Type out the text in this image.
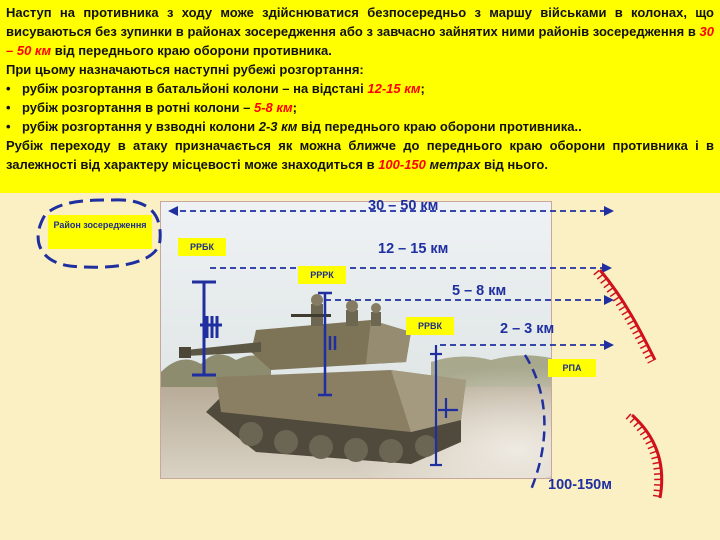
Наступ на противника з ходу може здійснюватися безпосередньо з маршу військами в колонах, що висуваються без зупинки в районах зосередження або з завчасно зайнятих ними районів зосередження в 30 – 50 км від переднього краю оборони противника.

При цьому назначаються наступні рубежі розгортання:

• рубіж розгортання в батальйоні колони – на відстані 12-15 км;

• рубіж розгортання в ротні колони – 5-8 км;

• рубіж розгортання у взводні колони 2-3 км від переднього краю оборони противника..

Рубіж переходу в атаку призначається як можна ближче до переднього краю оборони противника і в залежності від характеру місцевості може знаходиться в 100-150 метрах від нього.

Район зосередження
РРБК
РРРК
РРВК
РПА
30 – 50 км
12 – 15 км
5 – 8 км
2 – 3 км
100-150м
